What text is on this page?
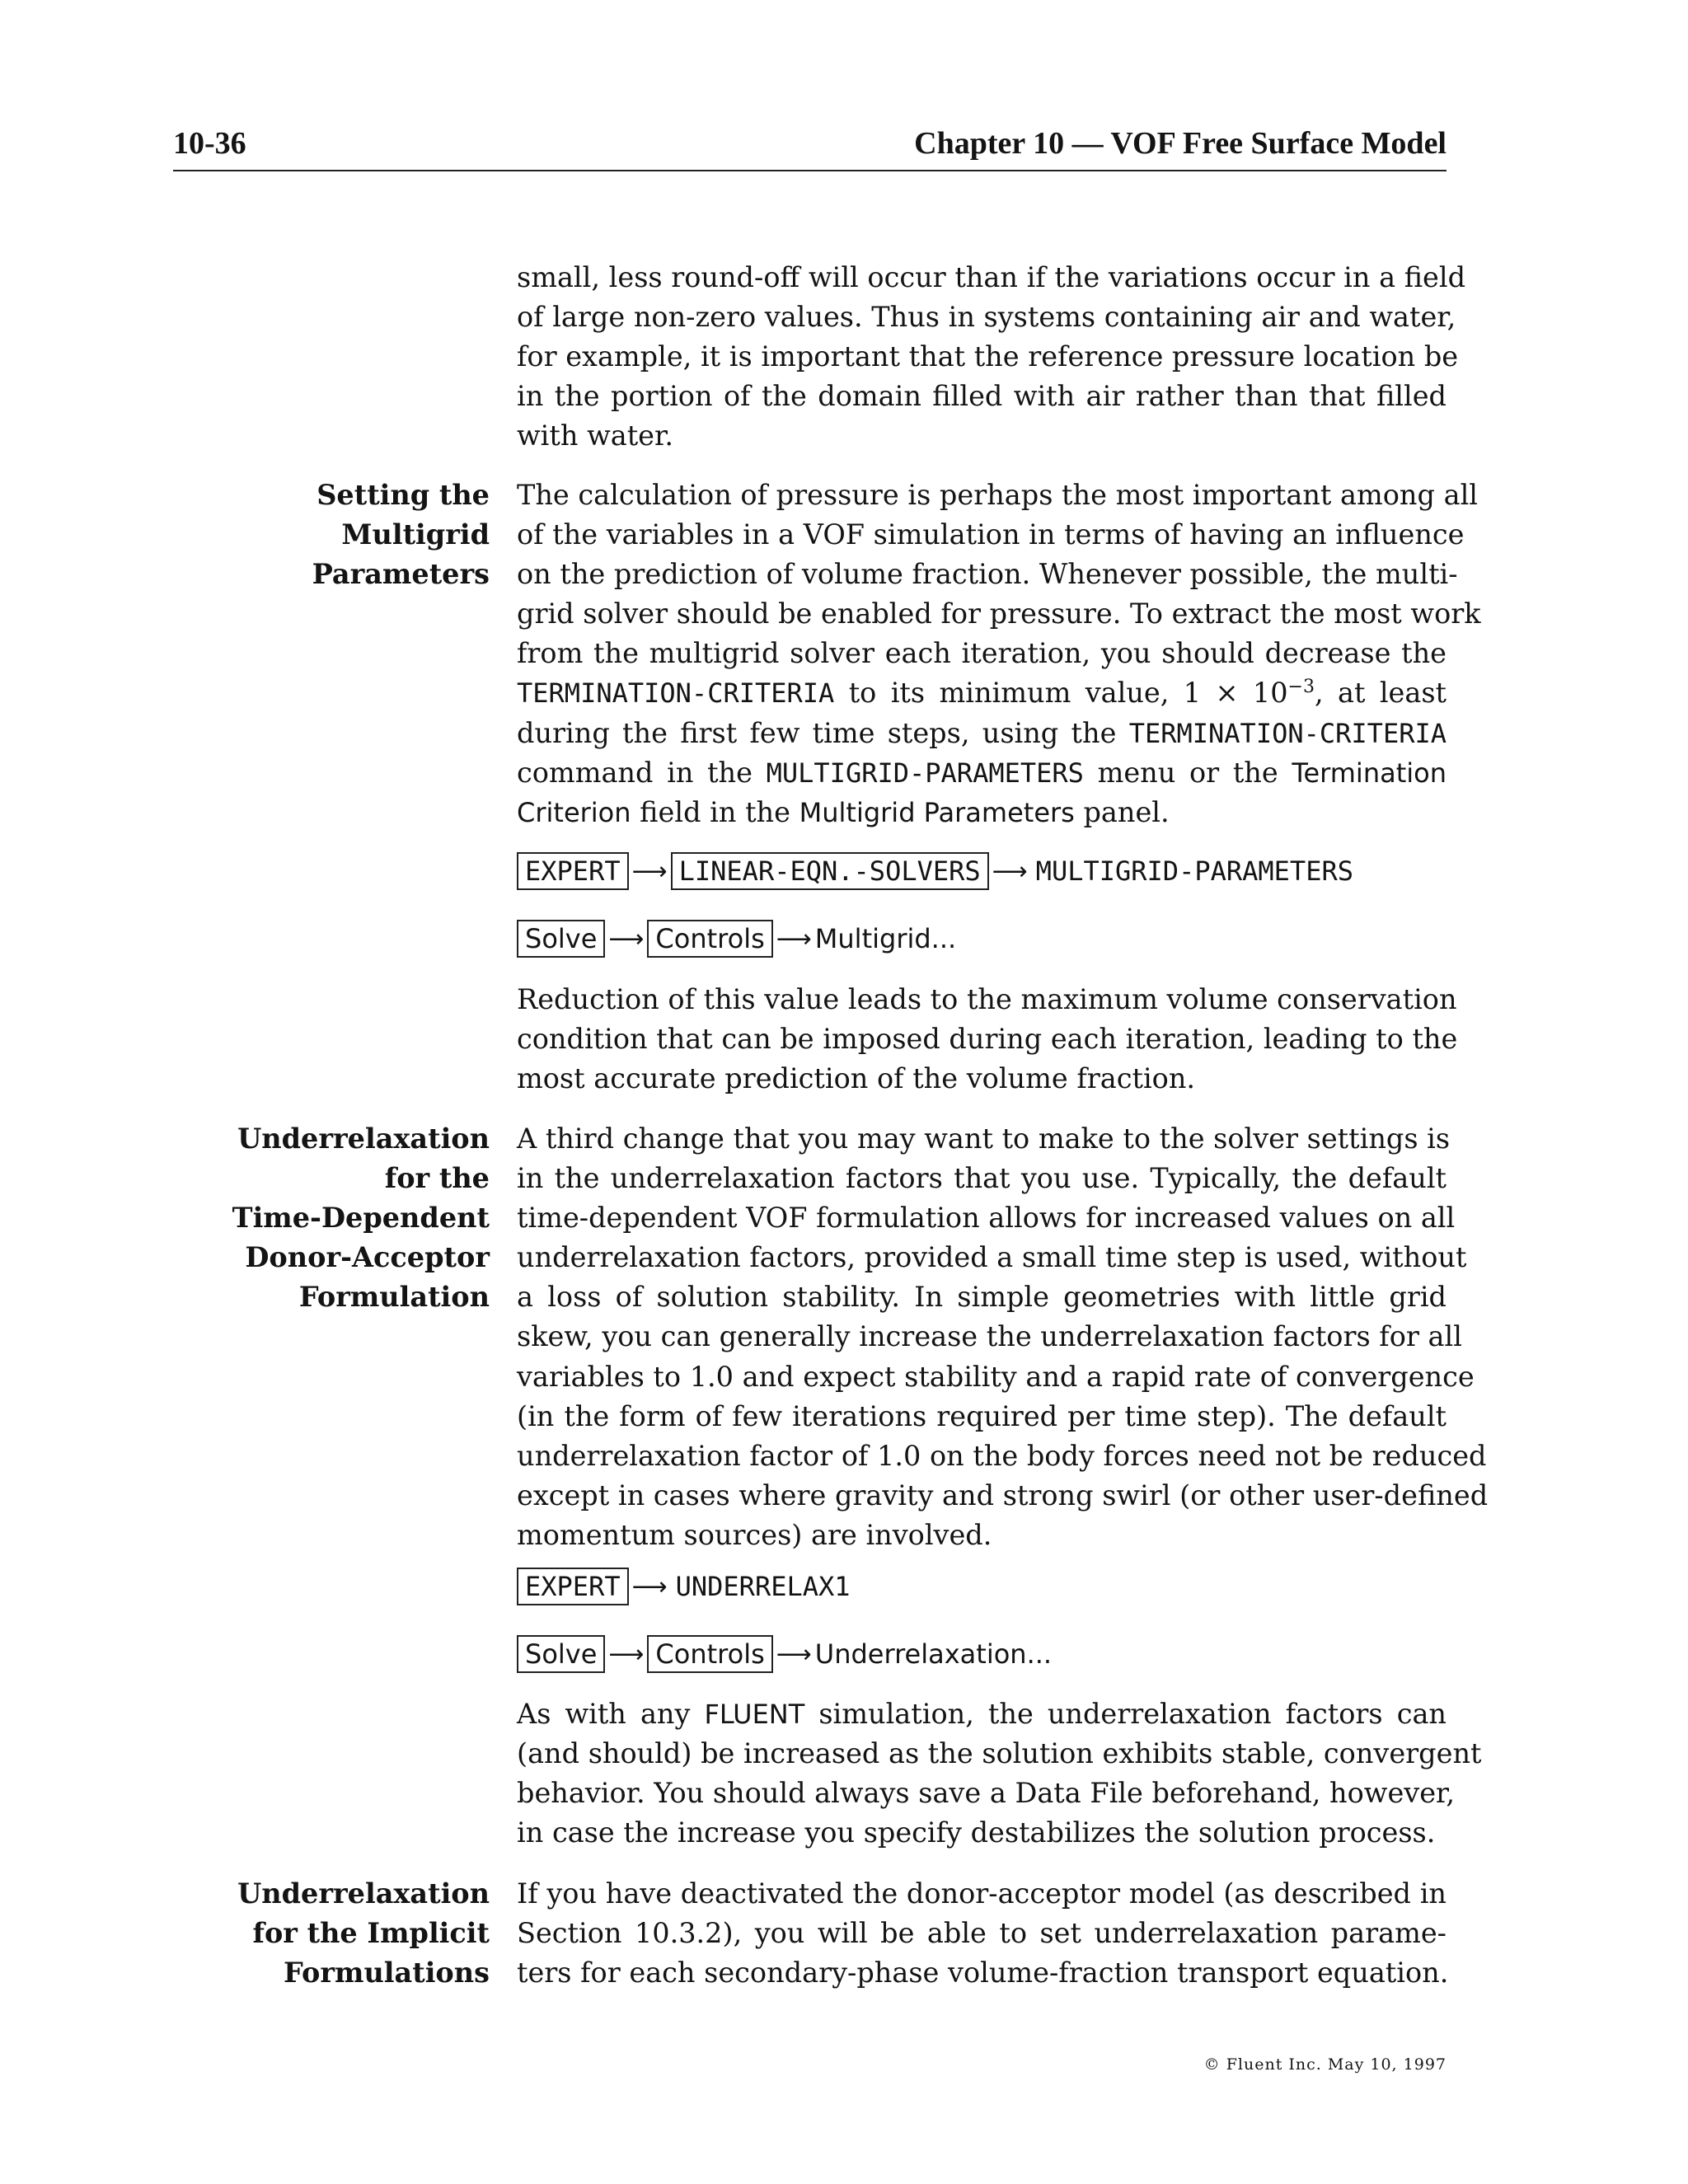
10-36	Chapter 10 — VOF Free Surface Model
small, less round-off will occur than if the variations occur in a field
of large non-zero values. Thus in systems containing air and water,
for example, it is important that the reference pressure location be
in the portion of the domain filled with air rather than that filled
with water.
Setting the
Multigrid
Parameters
The calculation of pressure is perhaps the most important among all
of the variables in a VOF simulation in terms of having an influence
on the prediction of volume fraction. Whenever possible, the multi-
grid solver should be enabled for pressure. To extract the most work
from the multigrid solver each iteration, you should decrease the
TERMINATION-CRITERIA to its minimum value, $1 \times 10^{-3}$, at least
during the first few time steps, using the TERMINATION-CRITERIA
command in the MULTIGRID-PARAMETERS menu or the Termination
Criterion field in the Multigrid Parameters panel.
EXPERT ⟶ LINEAR-EQN.-SOLVERS ⟶ MULTIGRID-PARAMETERS
Solve ⟶ Controls ⟶ Multigrid...
Reduction of this value leads to the maximum volume conservation
condition that can be imposed during each iteration, leading to the
most accurate prediction of the volume fraction.
Underrelaxation
for the
Time-Dependent
Donor-Acceptor
Formulation
A third change that you may want to make to the solver settings is
in the underrelaxation factors that you use. Typically, the default
time-dependent VOF formulation allows for increased values on all
underrelaxation factors, provided a small time step is used, without
a loss of solution stability. In simple geometries with little grid
skew, you can generally increase the underrelaxation factors for all
variables to 1.0 and expect stability and a rapid rate of convergence
(in the form of few iterations required per time step). The default
underrelaxation factor of 1.0 on the body forces need not be reduced
except in cases where gravity and strong swirl (or other user-defined
momentum sources) are involved.
EXPERT ⟶ UNDERRELAX1
Solve ⟶ Controls ⟶ Underrelaxation...
As with any FLUENT simulation, the underrelaxation factors can
(and should) be increased as the solution exhibits stable, convergent
behavior. You should always save a Data File beforehand, however,
in case the increase you specify destabilizes the solution process.
Underrelaxation
for the Implicit
Formulations
If you have deactivated the donor-acceptor model (as described in
Section 10.3.2), you will be able to set underrelaxation parame-
ters for each secondary-phase volume-fraction transport equation.
© Fluent Inc. May 10, 1997
